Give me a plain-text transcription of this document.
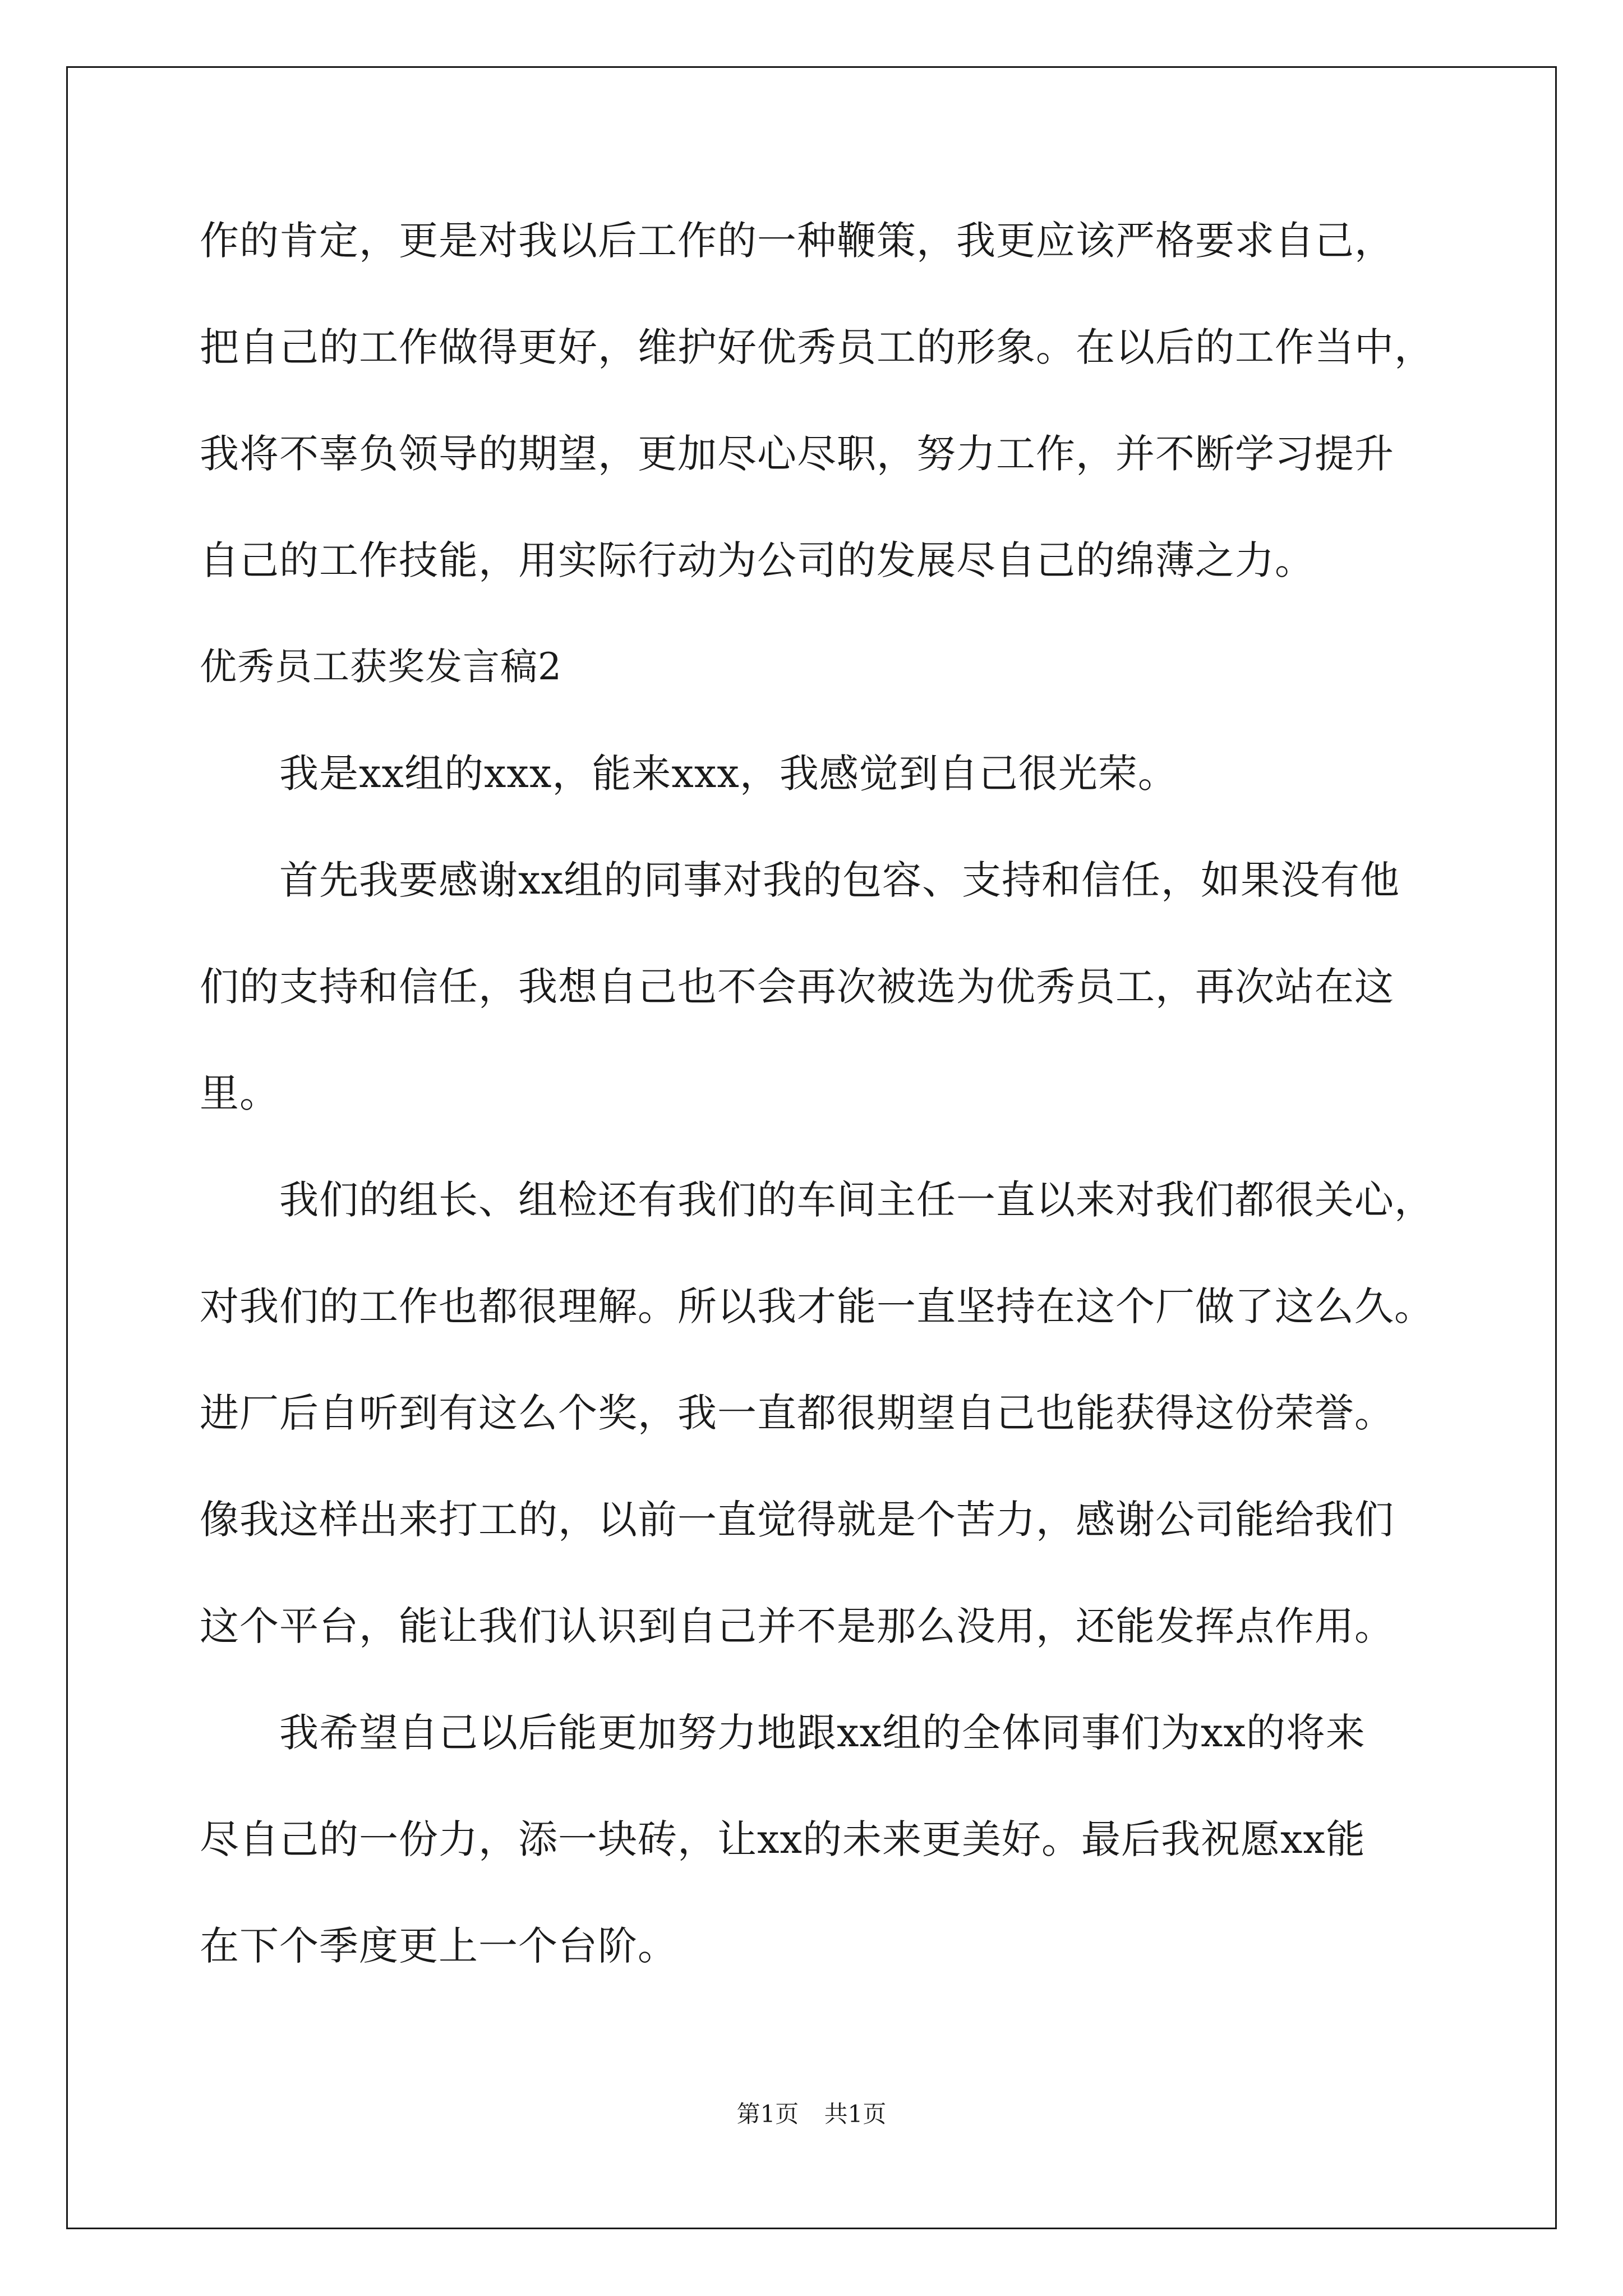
作的肯定，更是对我以后工作的一种鞭策，我更应该严格要求自己，
把自己的工作做得更好，维护好优秀员工的形象。在以后的工作当中，
我将不辜负领导的期望，更加尽心尽职，努力工作，并不断学习提升
自己的工作技能，用实际行动为公司的发展尽自己的绵薄之力。
优秀员工获奖发言稿2
我是xx组的xxx，能来xxx，我感觉到自己很光荣。
首先我要感谢xx组的同事对我的包容、支持和信任，如果没有他
们的支持和信任，我想自己也不会再次被选为优秀员工，再次站在这
里。
我们的组长、组检还有我们的车间主任一直以来对我们都很关心，
对我们的工作也都很理解。所以我才能一直坚持在这个厂做了这么久。
进厂后自听到有这么个奖，我一直都很期望自己也能获得这份荣誉。
像我这样出来打工的，以前一直觉得就是个苦力，感谢公司能给我们
这个平台，能让我们认识到自己并不是那么没用，还能发挥点作用。
我希望自己以后能更加努力地跟xx组的全体同事们为xx的将来
尽自己的一份力，添一块砖，让xx的未来更美好。最后我祝愿xx能
在下个季度更上一个台阶。
第1页 共1页
